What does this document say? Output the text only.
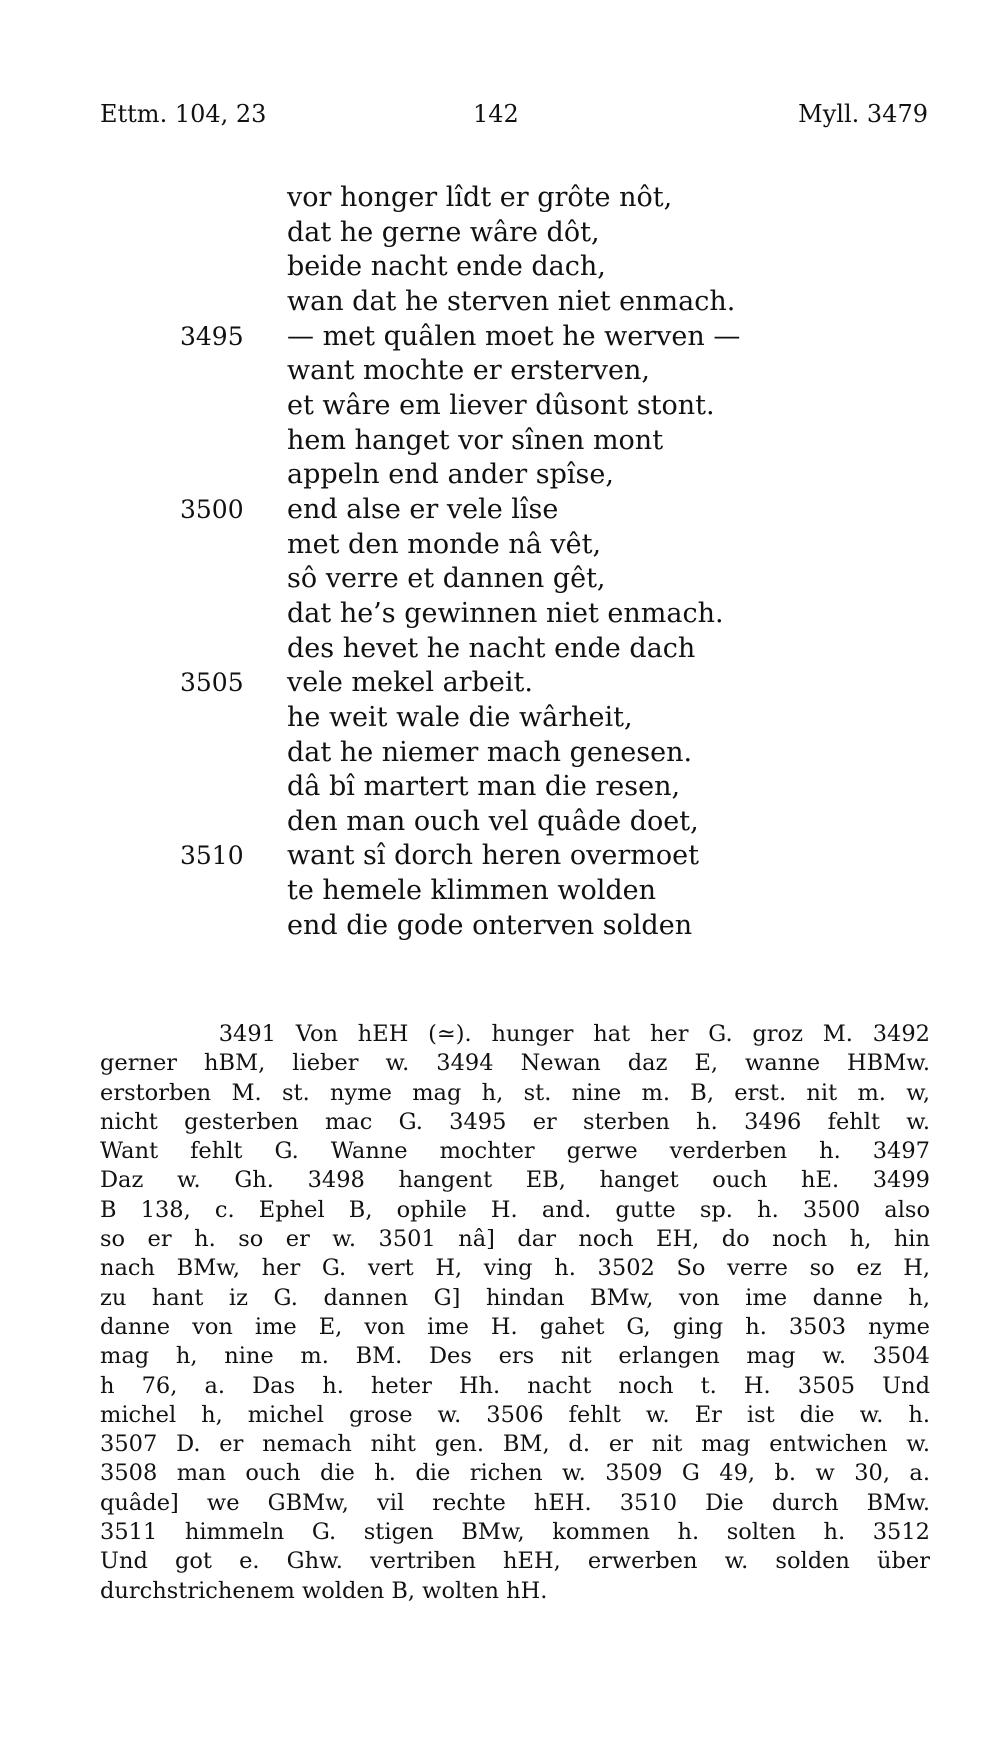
Ettm. 104, 23	142	Myll. 3479
vor honger lîdt er grôte nôt,
dat he gerne wâre dôt,
beide nacht ende dach,
wan dat he sterven niet enmach.
3495	— met quâlen moet he werven —
want mochte er ersterven,
et wâre em liever dûsont stont.
hem hanget vor sînen mont
appeln end ander spîse,
3500	end alse er vele lîse
met den monde nâ vêt,
sô verre et dannen gêt,
dat he’s gewinnen niet enmach.
des hevet he nacht ende dach
3505	vele mekel arbeit.
he weit wale die wârheit,
dat he niemer mach genesen.
dâ bî martert man die resen,
den man ouch vel quâde doet,
3510	want sî dorch heren overmoet
te hemele klimmen wolden
end die gode onterven solden
3491 Von hEH (≃). hunger hat her G. groz M. 3492
gerner hBM, lieber w. 3494 Newan daz E, wanne HBMw.
erstorben M. st. nyme mag h, st. nine m. B, erst. nit m. w,
nicht gesterben mac G. 3495 er sterben h. 3496 fehlt w.
Want fehlt G. Wanne mochter gerwe verderben h. 3497
Daz w. Gh. 3498 hangent EB, hanget ouch hE. 3499
B 138, c. Ephel B, ophile H. and. gutte sp. h. 3500 also
so er h. so er w. 3501 nâ] dar noch EH, do noch h, hin
nach BMw, her G. vert H, ving h. 3502 So verre so ez H,
zu hant iz G. dannen G] hindan BMw, von ime danne h,
danne von ime E, von ime H. gahet G, ging h. 3503 nyme
mag h, nine m. BM. Des ers nit erlangen mag w. 3504
h 76, a. Das h. heter Hh. nacht noch t. H. 3505 Und
michel h, michel grose w. 3506 fehlt w. Er ist die w. h.
3507 D. er nemach niht gen. BM, d. er nit mag entwichen w.
3508 man ouch die h. die richen w. 3509 G 49, b. w 30, a.
quâde] we GBMw, vil rechte hEH. 3510 Die durch BMw.
3511 himmeln G. stigen BMw, kommen h. solten h. 3512
Und got e. Ghw. vertriben hEH, erwerben w. solden über
durchstrichenem wolden B, wolten hH.
